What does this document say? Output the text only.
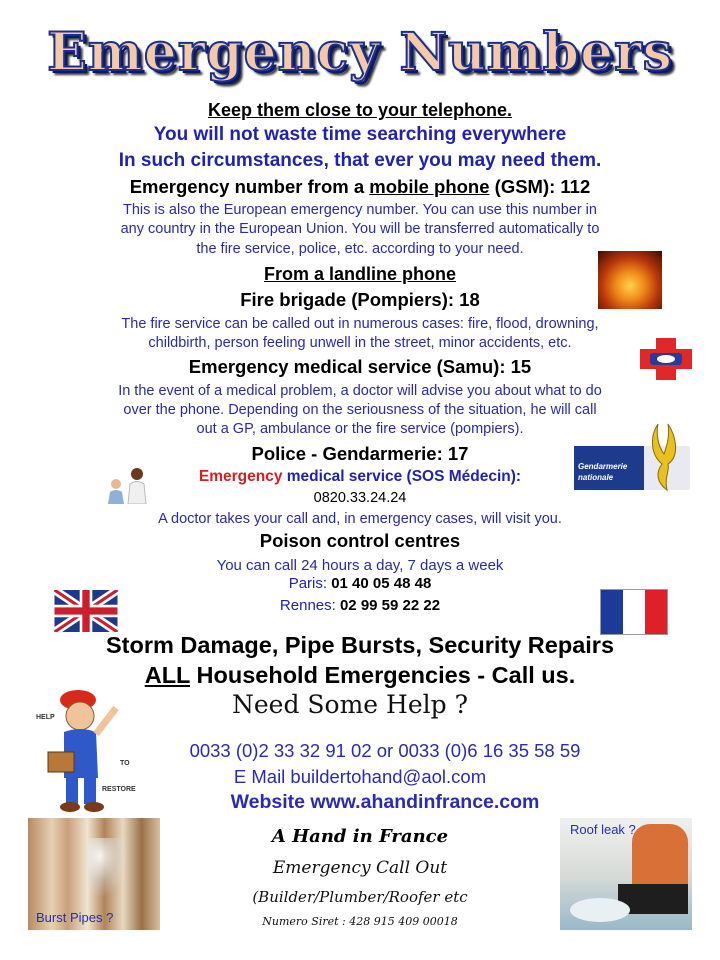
Emergency Numbers
Keep them close to your telephone.
You will not waste time searching everywhere
In such circumstances, that ever you may need them.
Emergency number from a mobile phone (GSM): 112
This is also the European emergency number. You can use this number in
any country in the European Union. You will be transferred automatically to
the fire service, police, etc. according to your need.
From a landline phone
Fire brigade (Pompiers): 18
The fire service can be called out in numerous cases: fire, flood, drowning,
childbirth, person feeling unwell in the street, minor accidents, etc.
Emergency medical service (Samu): 15
In the event of a medical problem, a doctor will advise you about what to do
over the phone. Depending on the seriousness of the situation, he will call
out a GP, ambulance or the fire service (pompiers).
Gendarmerie
nationale
Police - Gendarmerie: 17
Emergency medical service (SOS Médecin):
0820.33.24.24
A doctor takes your call and, in emergency cases, will visit you.
Poison control centres
You can call 24 hours a day, 7 days a week
Paris: 01 40 05 48 48
Rennes: 02 99 59 22 22
Storm Damage, Pipe Bursts, Security Repairs
ALL Household Emergencies - Call us.
Need Some Help ?
HELP
TO
RESTORE
0033 (0)2 33 32 91 02 or 0033 (0)6 16 35 58 59
E Mail buildertohand@aol.com
Website www.ahandinfrance.com
Burst Pipes ?
Roof leak ?
A Hand in France
Emergency Call Out
(Builder/Plumber/Roofer etc
Numero Siret : 428 915 409 00018
